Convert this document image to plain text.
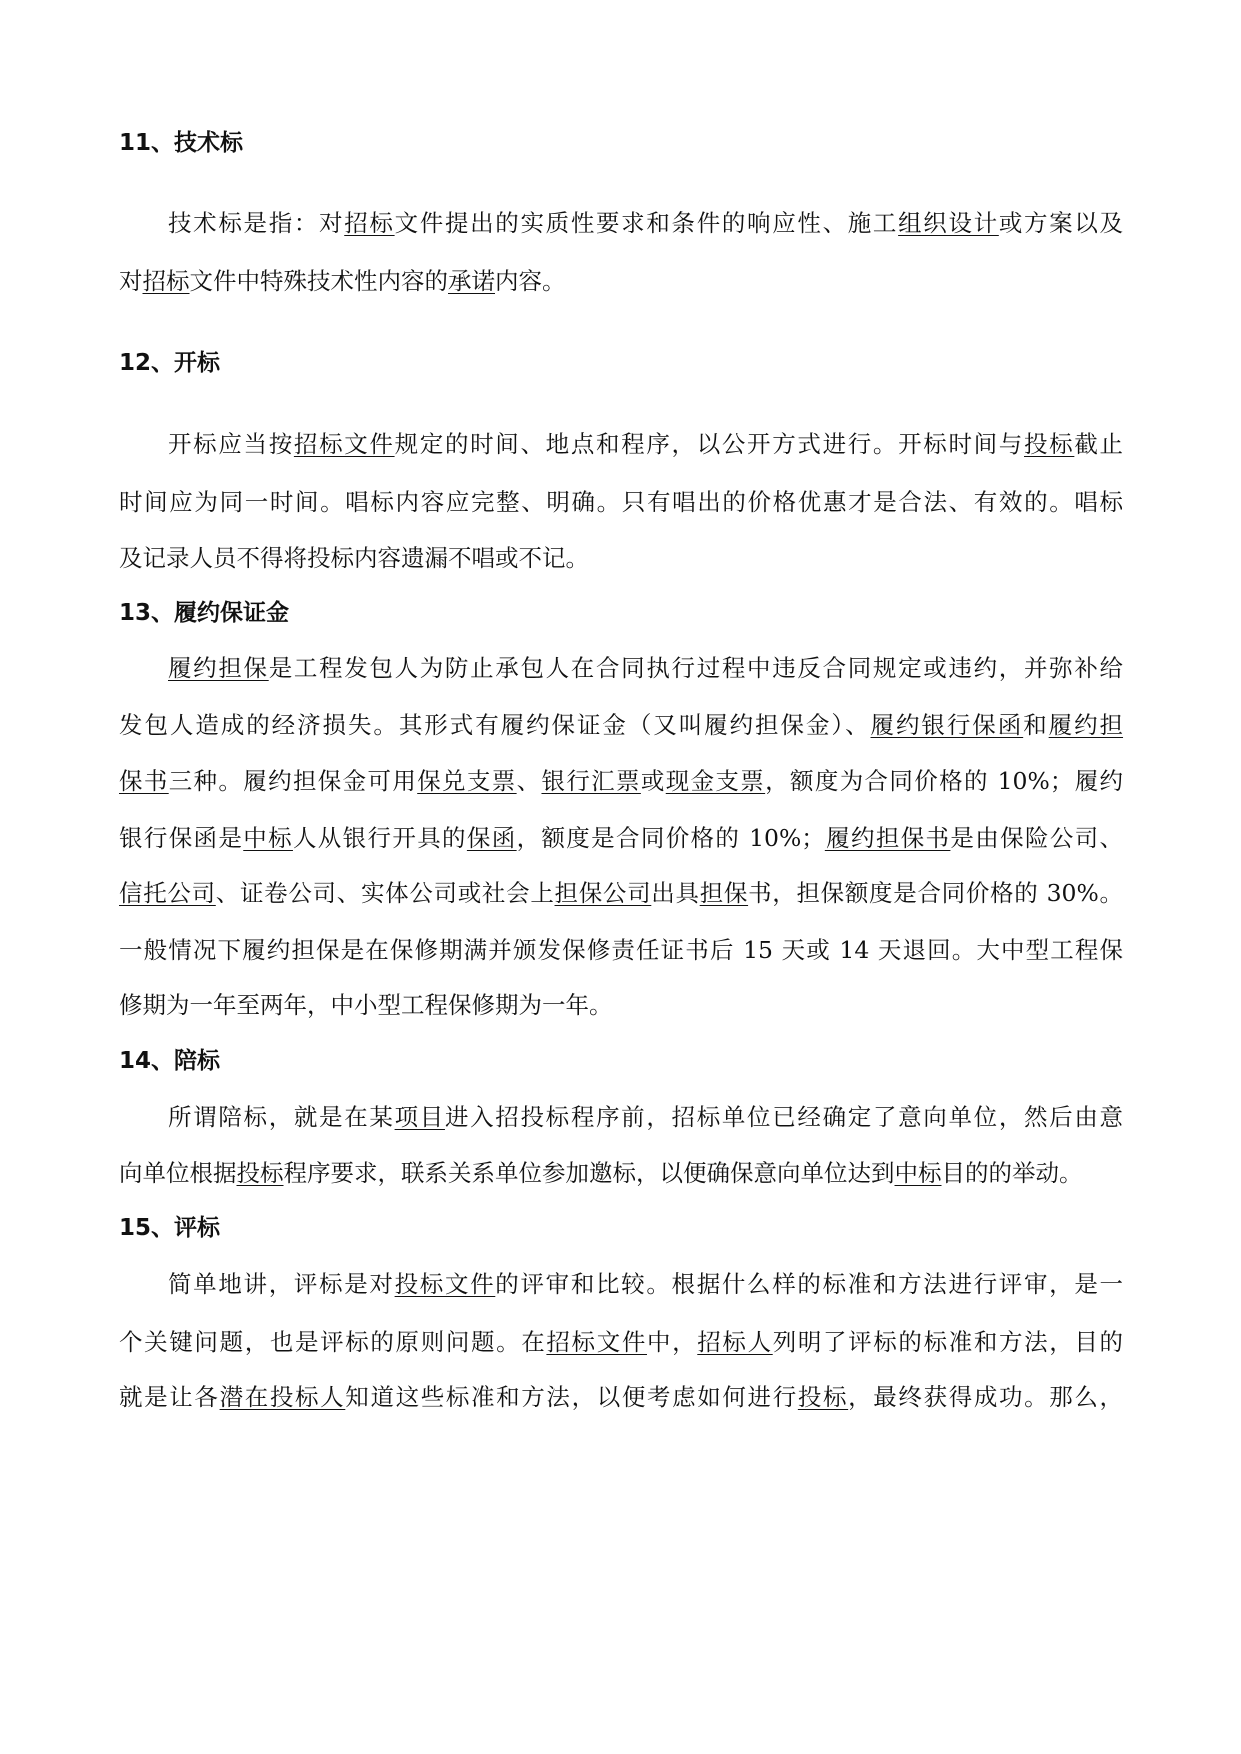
11、技术标
技术标是指：对招标文件提出的实质性要求和条件的响应性、施工组织设计或方案以及
对招标文件中特殊技术性内容的承诺内容。
12、开标
开标应当按招标文件规定的时间、地点和程序，以公开方式进行。开标时间与投标截止
时间应为同一时间。唱标内容应完整、明确。只有唱出的价格优惠才是合法、有效的。唱标
及记录人员不得将投标内容遗漏不唱或不记。
13、履约保证金
履约担保是工程发包人为防止承包人在合同执行过程中违反合同规定或违约，并弥补给
发包人造成的经济损失。其形式有履约保证金（又叫履约担保金）、履约银行保函和履约担
保书三种。履约担保金可用保兑支票、银行汇票或现金支票，额度为合同价格的 10%；履约
银行保函是中标人从银行开具的保函，额度是合同价格的 10%；履约担保书是由保险公司、
信托公司、证卷公司、实体公司或社会上担保公司出具担保书，担保额度是合同价格的 30%。
一般情况下履约担保是在保修期满并颁发保修责任证书后 15 天或 14 天退回。大中型工程保
修期为一年至两年，中小型工程保修期为一年。
14、陪标
所谓陪标，就是在某项目进入招投标程序前，招标单位已经确定了意向单位，然后由意
向单位根据投标程序要求，联系关系单位参加邀标，以便确保意向单位达到中标目的的举动。
15、评标
简单地讲，评标是对投标文件的评审和比较。根据什么样的标准和方法进行评审，是一
个关键问题，也是评标的原则问题。在招标文件中，招标人列明了评标的标准和方法，目的
就是让各潜在投标人知道这些标准和方法，以便考虑如何进行投标，最终获得成功。那么，
